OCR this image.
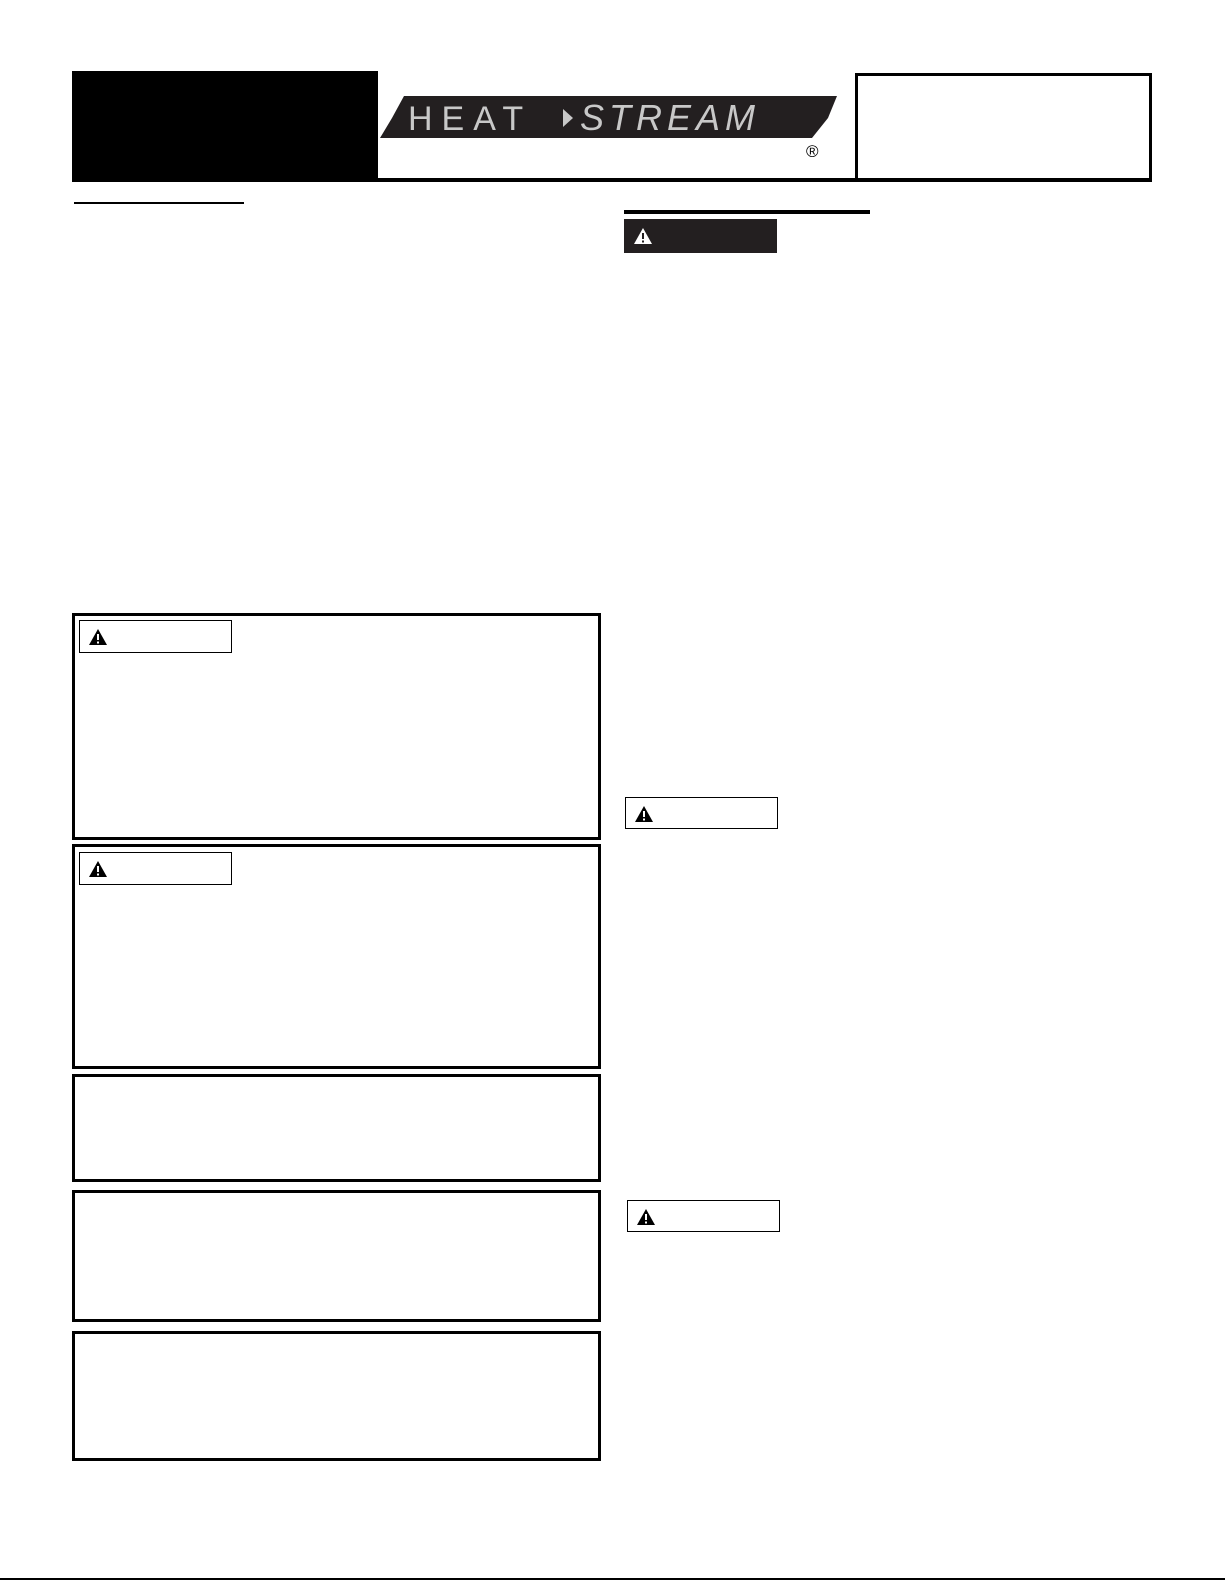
HEAT STREAM
®
